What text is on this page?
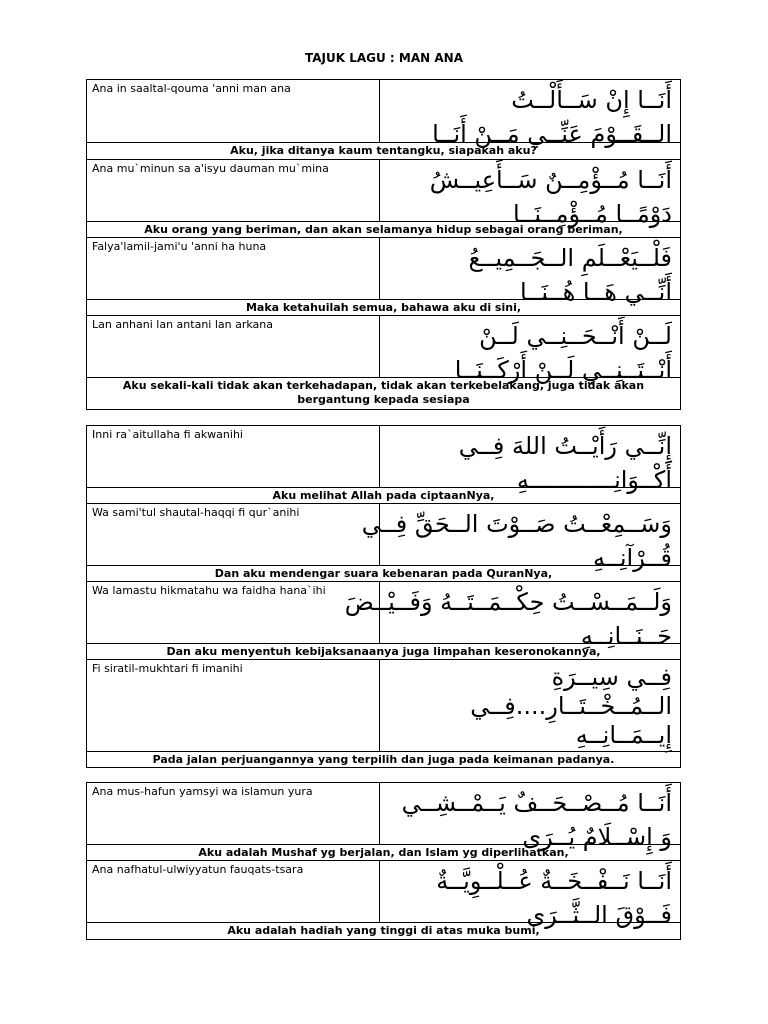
TAJUK LAGU : MAN ANA
Ana in saaltal-qouma 'anni man ana	أَنَــا إِنْ سَــأَلْــتُ
الــقَــوْمَ عَنِّــي مَــنْ أَنَــا
Aku, jika ditanya kaum tentangku, siapakah aku?
Ana mu`minun sa a'isyu dauman mu`mina	أَنَــا مُــؤْمِــنٌ سَــأَعِيــشُ
دَوْمًــا مُــؤْمِــنَــا
Aku orang yang beriman, dan akan selamanya hidup sebagai orang beriman,
Falya'lamil-jami'u 'anni ha huna	فَلْــيَعْــلَمِ الــجَــمِيــعُ
أَنِّــي هَــا هُــنَــا
Maka ketahuilah semua, bahawa aku di sini,
Lan anhani lan antani lan arkana	لَــنْ أَنْــحَــنِــي لَــنْ
أَنْــتَــنِــي لَــنْ أَرْكَــنَــا
Aku sekali-kali tidak akan terkehadapan, tidak akan terkebelakang, juga tidak akan bergantung kepada sesiapa
Inni ra`aitullaha fi akwanihi	إِنِّــي رَأَيْــتُ اللهَ فِــي
أَكْــوَانِــــــــــــهِ
Aku melihat Allah pada ciptaanNya,
Wa sami'tul shautal-haqqi fi qur`anihi	وَسَــمِعْــتُ صَــوْتَ الــحَقِّ فِــي
قُــرْآنِــهِ
Dan aku mendengar suara kebenaran pada QuranNya,
Wa lamastu hikmatahu wa faidha hana`ihi وَلَــمَــسْــتُ حِكْــمَــتَــهُ وَفَــيْــضَ
حَــنَــانِــهِ
Dan aku menyentuh kebijaksanaanya juga limpahan keseronokannya,
Fi siratil-mukhtari fi imanihi	فِــي سِيــرَةِ
الــمُــخْــتَــارِ....فِــي
إِيــمَــانِــهِ
Pada jalan perjuangannya yang terpilih dan juga pada keimanan padanya.
Ana mus-hafun yamsyi wa islamun yura	أَنَــا مُــصْــحَــفٌ يَــمْــشِــي
وَ إِسْــلَامٌ يُــرَى
Aku adalah Mushaf yg berjalan, dan Islam yg diperlihatkan,
Ana nafhatul-ulwiyyatun fauqats-tsara	أَنَــا نَــفْــخَــةٌ عُــلْــوِيَّــةٌ
فَــوْقَ الــثَّــرَى
Aku adalah hadiah yang tinggi di atas muka bumi,
